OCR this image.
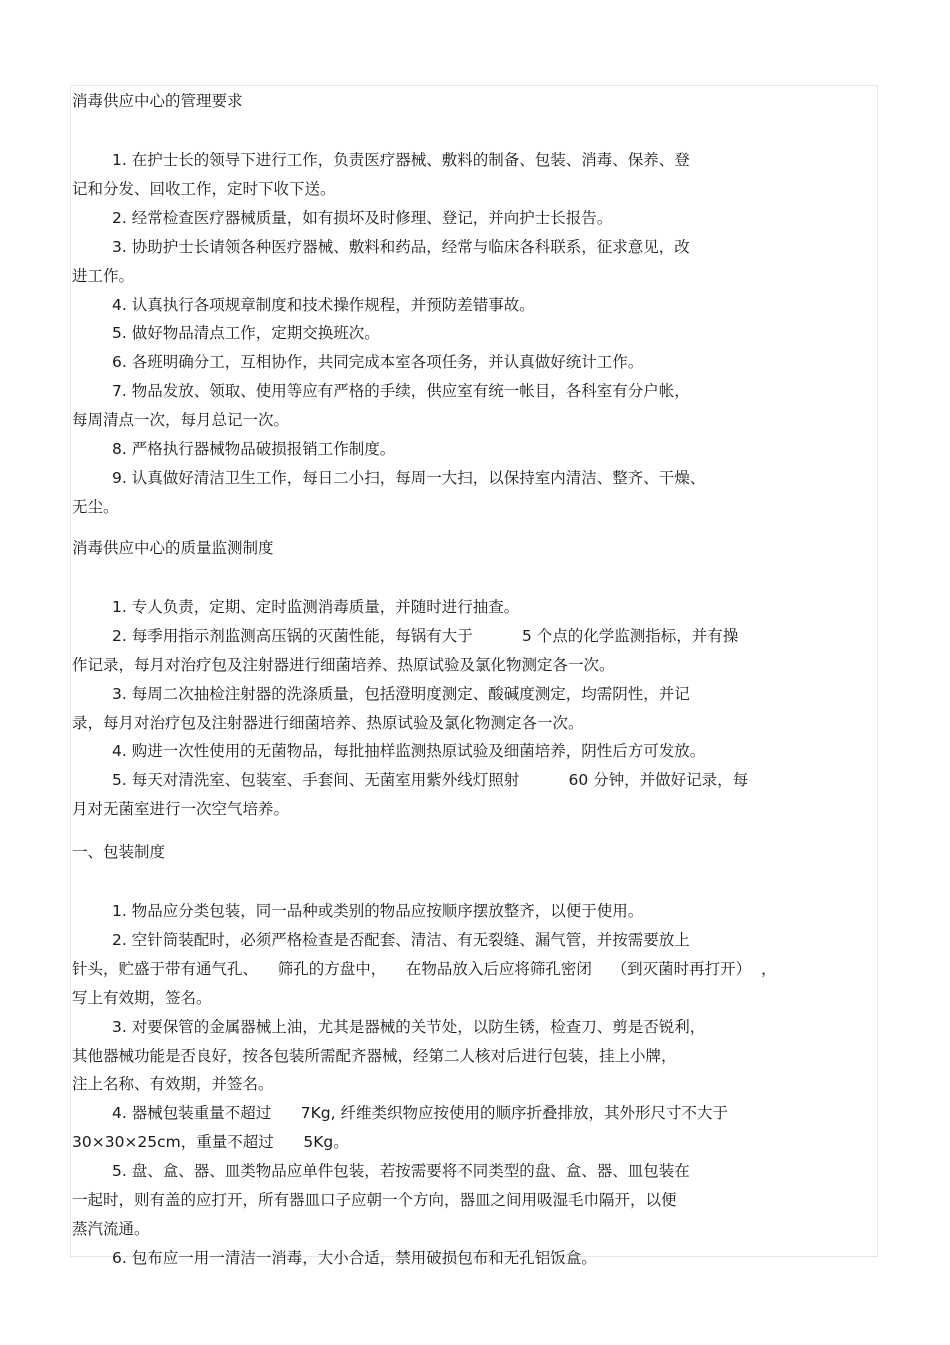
消毒供应中心的管理要求
1. 在护士长的领导下进行工作，负责医疗器械、敷料的制备、包装、消毒、保养、登
记和分发、回收工作，定时下收下送。
2. 经常检查医疗器械质量，如有损坏及时修理、登记，并向护士长报告。
3. 协助护士长请领各种医疗器械、敷料和药品，经常与临床各科联系，征求意见，改
进工作。
4. 认真执行各项规章制度和技术操作规程，并预防差错事故。
5. 做好物品清点工作，定期交换班次。
6. 各班明确分工，互相协作，共同完成本室各项任务，并认真做好统计工作。
7. 物品发放、领取、使用等应有严格的手续，供应室有统一帐目，各科室有分户帐，
每周清点一次，每月总记一次。
8. 严格执行器械物品破损报销工作制度。
9. 认真做好清洁卫生工作，每日二小扫，每周一大扫，以保持室内清洁、整齐、干燥、
无尘。
消毒供应中心的质量监测制度
1. 专人负责，定期、定时监测消毒质量，并随时进行抽查。
2. 每季用指示剂监测高压锅的灭菌性能，每锅有大于          5 个点的化学监测指标，并有操
作记录，每月对治疗包及注射器进行细菌培养、热原试验及氯化物测定各一次。
3. 每周二次抽检注射器的洗涤质量，包括澄明度测定、酸碱度测定，均需阴性，并记
录，每月对治疗包及注射器进行细菌培养、热原试验及氯化物测定各一次。
4. 购进一次性使用的无菌物品，每批抽样监测热原试验及细菌培养，阴性后方可发放。
5. 每天对清洗室、包装室、手套间、无菌室用紫外线灯照射          60 分钟，并做好记录，每
月对无菌室进行一次空气培养。
一、包装制度
1. 物品应分类包装，同一品种或类别的物品应按顺序摆放整齐，以便于使用。
2. 空针筒装配时，必须严格检查是否配套、清洁、有无裂缝、漏气管，并按需要放上
针头，贮盛于带有通气孔、    筛孔的方盘中，    在物品放入后应将筛孔密闭    （到灭菌时再打开）  ，
写上有效期，签名。
3. 对要保管的金属器械上油，尤其是器械的关节处，以防生锈，检查刀、剪是否锐利，
其他器械功能是否良好，按各包装所需配齐器械，经第二人核对后进行包装，挂上小牌，
注上名称、有效期，并签名。
4. 器械包装重量不超过      7Kg, 纤维类织物应按使用的顺序折叠排放，其外形尺寸不大于
30×30×25cm，重量不超过      5Kg。
5. 盘、盒、器、皿类物品应单件包装，若按需要将不同类型的盘、盒、器、皿包装在
一起时，则有盖的应打开，所有器皿口子应朝一个方向，器皿之间用吸湿毛巾隔开，以便
蒸汽流通。
6. 包布应一用一清洁一消毒，大小合适，禁用破损包布和无孔铝饭盒。
